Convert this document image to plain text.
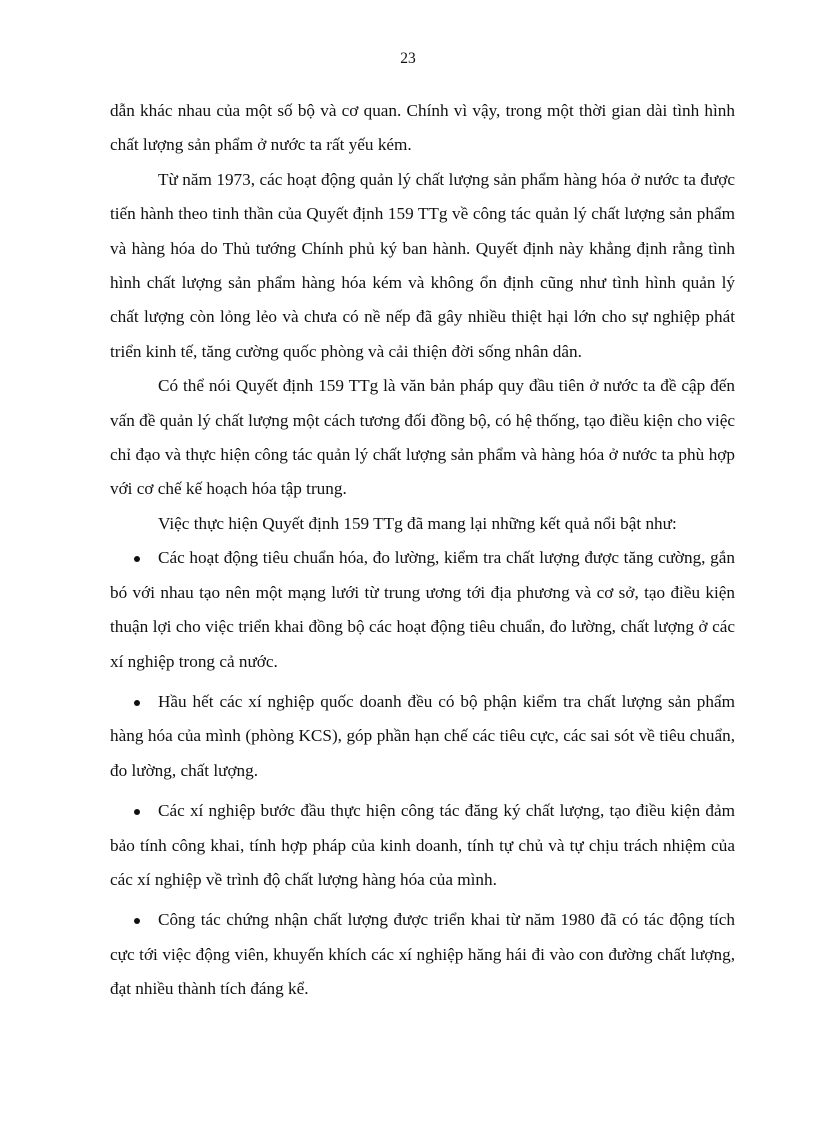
23

dẫn khác nhau của một số bộ và cơ quan. Chính vì vậy, trong một thời gian dài tình hình chất lượng sản phẩm ở nước ta rất yếu kém.

Từ năm 1973, các hoạt động quản lý chất lượng sản phẩm hàng hóa ở nước ta được tiến hành theo tinh thần của Quyết định 159 TTg về công tác quản lý chất lượng sản phẩm và hàng hóa do Thủ tướng Chính phủ ký ban hành. Quyết định này khẳng định rằng tình hình chất lượng sản phẩm hàng hóa kém và không ổn định cũng như tình hình quản lý chất lượng còn lỏng lẻo và chưa có nề nếp đã gây nhiều thiệt hại lớn cho sự nghiệp phát triển kinh tế, tăng cường quốc phòng và cải thiện đời sống nhân dân.

Có thể nói Quyết định 159 TTg là văn bản pháp quy đầu tiên ở nước ta đề cập đến vấn đề quản lý chất lượng một cách tương đối đồng bộ, có hệ thống, tạo điều kiện cho việc chỉ đạo và thực hiện công tác quản lý chất lượng sản phẩm và hàng hóa ở nước ta phù hợp với cơ chế kế hoạch hóa tập trung.

Việc thực hiện Quyết định 159 TTg đã mang lại những kết quả nổi bật như:

Các hoạt động tiêu chuẩn hóa, đo lường, kiểm tra chất lượng được tăng cường, gắn bó với nhau tạo nên một mạng lưới từ trung ương tới địa phương và cơ sở, tạo điều kiện thuận lợi cho việc triển khai đồng bộ các hoạt động tiêu chuẩn, đo lường, chất lượng ở các xí nghiệp trong cả nước.
Hầu hết các xí nghiệp quốc doanh đều có bộ phận kiểm tra chất lượng sản phẩm hàng hóa của mình (phòng KCS), góp phần hạn chế các tiêu cực, các sai sót về tiêu chuẩn, đo lường, chất lượng.
Các xí nghiệp bước đầu thực hiện công tác đăng ký chất lượng, tạo điều kiện đảm bảo tính công khai, tính hợp pháp của kinh doanh, tính tự chủ và tự chịu trách nhiệm của các xí nghiệp về trình độ chất lượng hàng hóa của mình.
Công tác chứng nhận chất lượng được triển khai từ năm 1980 đã có tác động tích cực tới việc động viên, khuyến khích các xí nghiệp hăng hái đi vào con đường chất lượng, đạt nhiều thành tích đáng kể.
